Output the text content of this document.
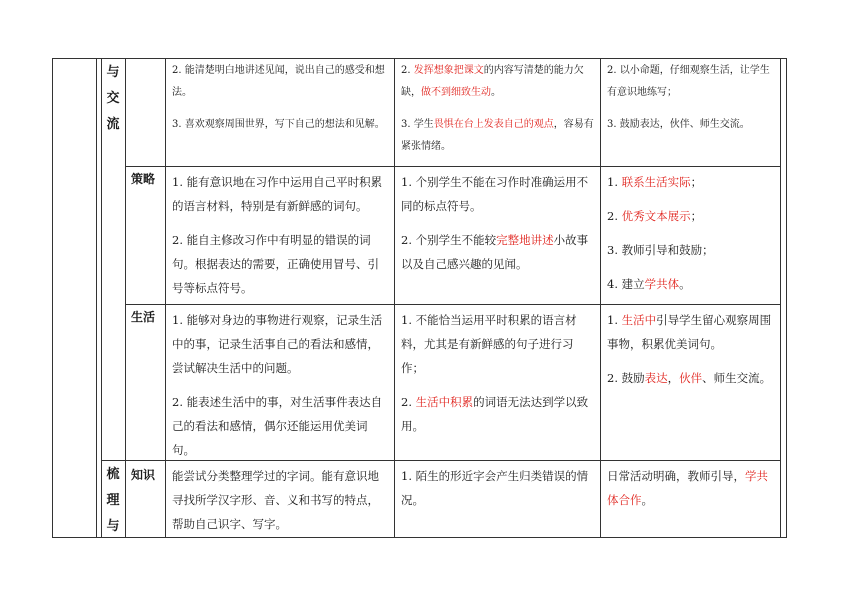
与
交
流

2. 能清楚明白地讲述见闻，说出自己的感受和想法。

3. 喜欢观察周围世界，写下自己的想法和见解。

2. 发挥想象把课文的内容写清楚的能力欠缺，做不到细致生动。

3. 学生畏惧在台上发表自己的观点，容易有紧张情绪。

2. 以小命题，仔细观察生活，让学生有意识地练写；

3. 鼓励表达，伙伴、师生交流。

策略 1. 能有意识地在习作中运用自己平时积累的语言材料，特别是有新鲜感的词句。

2. 能自主修改习作中有明显的错误的词句。根据表达的需要，正确使用冒号、引号等标点符号。

1. 个别学生不能在习作时准确运用不同的标点符号。

2. 个别学生不能较完整地讲述小故事以及自己感兴趣的见闻。

1. 联系生活实际；

2. 优秀文本展示；

3. 教师引导和鼓励；

4. 建立学共体。

生活 1. 能够对身边的事物进行观察，记录生活中的事，记录生活事自己的看法和感情，尝试解决生活中的问题。

2. 能表述生活中的事，对生活事件表达自己的看法和感情，偶尔还能运用优美词句。

1. 不能恰当运用平时积累的语言材料，尤其是有新鲜感的句子进行习作；

2. 生活中积累的词语无法达到学以致用。

1. 生活中引导学生留心观察周围事物，积累优美词句。

2. 鼓励表达，伙伴、师生交流。

梳
理
与
知识 能尝试分类整理学过的字词。能有意识地寻找所学汉字形、音、义和书写的特点，帮助自己识字、写字。

1. 陌生的形近字会产生归类错误的情况。

日常活动明确，教师引导，学共体合作。
